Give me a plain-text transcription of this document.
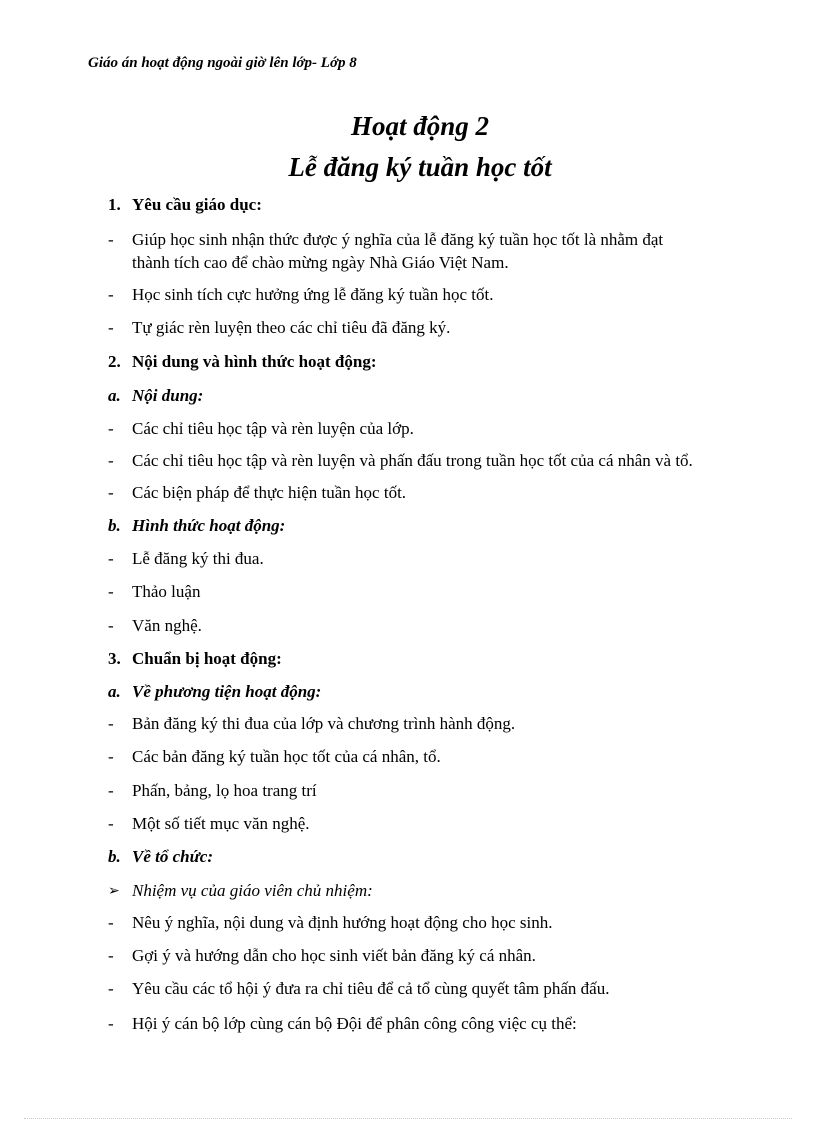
Giáo án hoạt động ngoài giờ lên lớp- Lớp 8
Hoạt động 2
Lễ đăng ký tuần học tốt
1. Yêu cầu giáo dục:
- Giúp học sinh nhận thức được ý nghĩa của lễ đăng ký tuần học tốt là nhằm đạt
thành tích cao để chào mừng ngày Nhà Giáo Việt Nam.
- Học sinh tích cực hưởng ứng lễ đăng ký tuần học tốt.
- Tự giác rèn luyện theo các chỉ tiêu đã đăng ký.
2. Nội dung và hình thức hoạt động:
a. Nội dung:
- Các chỉ tiêu học tập và rèn luyện của lớp.
- Các chỉ tiêu học tập và rèn luyện và phấn đấu trong tuần học tốt của cá nhân và tổ.
- Các biện pháp để thực hiện tuần học tốt.
b. Hình thức hoạt động:
- Lễ đăng ký thi đua.
- Thảo luận
- Văn nghệ.
3. Chuẩn bị hoạt động:
a. Về phương tiện hoạt động:
- Bản đăng ký thi đua của lớp và chương trình hành động.
- Các bản đăng ký tuần học tốt của cá nhân, tổ.
- Phấn, bảng, lọ hoa trang trí
- Một số tiết mục văn nghệ.
b. Về tổ chức:
➢ Nhiệm vụ của giáo viên chủ nhiệm:
- Nêu ý nghĩa, nội dung và định hướng hoạt động cho học sinh.
- Gợi ý và hướng dẫn cho học sinh viết bản đăng ký cá nhân.
- Yêu cầu các tổ hội ý đưa ra chỉ tiêu để cả tổ cùng quyết tâm phấn đấu.
- Hội ý cán bộ lớp cùng cán bộ Đội để phân công công việc cụ thể:
